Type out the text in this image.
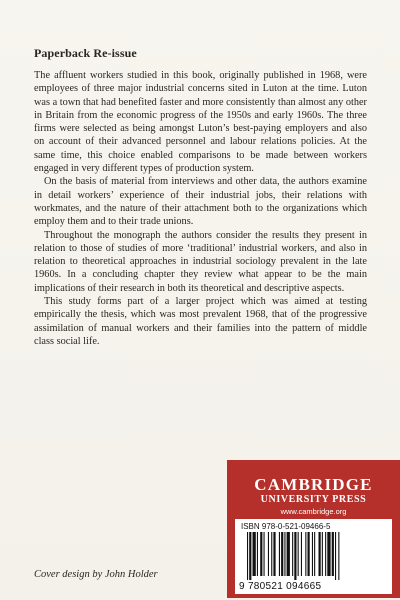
Paperback Re-issue

The affluent workers studied in this book, originally published in 1968, were employees of three major industrial concerns sited in Luton at the time. Luton was a town that had benefited faster and more consistently than almost any other in Britain from the economic progress of the 1950s and early 1960s. The three firms were selected as being amongst Luton’s best-paying employers and also on account of their advanced personnel and labour relations policies. At the same time, this choice enabled comparisons to be made between workers engaged in very different types of production system.

On the basis of material from interviews and other data, the authors examine in detail workers’ experience of their industrial jobs, their relations with workmates, and the nature of their attachment both to the organizations which employ them and to their trade unions.

Throughout the monograph the authors consider the results they present in relation to those of studies of more ‘traditional’ industrial workers, and also in relation to theoretical approaches in industrial sociology prevalent in the late 1960s. In a concluding chapter they review what appear to be the main implications of their research in both its theoretical and descriptive aspects.

This study forms part of a larger project which was aimed at testing empirically the thesis, which was most prevalent 1968, that of the progressive assimilation of manual workers and their families into the pattern of middle class social life.

CAMBRIDGE
UNIVERSITY PRESS
www.cambridge.org
ISBN 978-0-521-09466-5
9 780521 094665
Cover design by John Holder
